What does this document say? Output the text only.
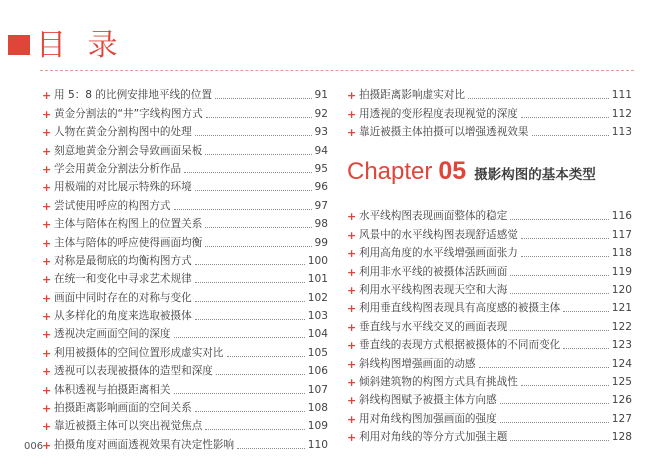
目 录
+ 用 5：8 的比例安排地平线的位置	91
+ 黄金分割法的“井”字线构图方式	92
+ 人物在黄金分割构图中的处理	93
+ 刻意地黄金分割会导致画面呆板	94
+ 学会用黄金分割法分析作品	95
+ 用极端的对比展示特殊的环境	96
+ 尝试使用呼应的构图方式	97
+ 主体与陪体在构图上的位置关系	98
+ 主体与陪体的呼应使得画面均衡	99
+ 对称是最彻底的均衡构图方式	100
+ 在统一和变化中寻求艺术规律	101
+ 画面中同时存在的对称与变化	102
+ 从多样化的角度来选取被摄体	103
+ 透视决定画面空间的深度	104
+ 利用被摄体的空间位置形成虚实对比	105
+ 透视可以表现被摄体的造型和深度	106
+ 体积透视与拍摄距离相关	107
+ 拍摄距离影响画面的空间关系	108
+ 靠近被摄主体可以突出视觉焦点	109
+ 拍摄角度对画面透视效果有决定性影响	110
+ 拍摄距离影响虚实对比	111
+ 用透视的变形程度表现视觉的深度	112
+ 靠近被摄主体拍摄可以增强透视效果	113
Chapter 05 摄影构图的基本类型
+ 水平线构图表现画面整体的稳定	116
+ 风景中的水平线构图表现舒适感觉	117
+ 利用高角度的水平线增强画面张力	118
+ 利用非水平线的被摄体活跃画面	119
+ 利用水平线构图表现天空和大海	120
+ 利用垂直线构图表现具有高度感的被摄主体	121
+ 垂直线与水平线交叉的画面表现	122
+ 垂直线的表现方式根据被摄体的不同而变化	123
+ 斜线构图增强画面的动感	124
+ 倾斜建筑物的构图方式具有挑战性	125
+ 斜线构图赋予被摄主体方向感	126
+ 用对角线构图加强画面的强度	127
+ 利用对角线的等分方式加强主题	128
006
